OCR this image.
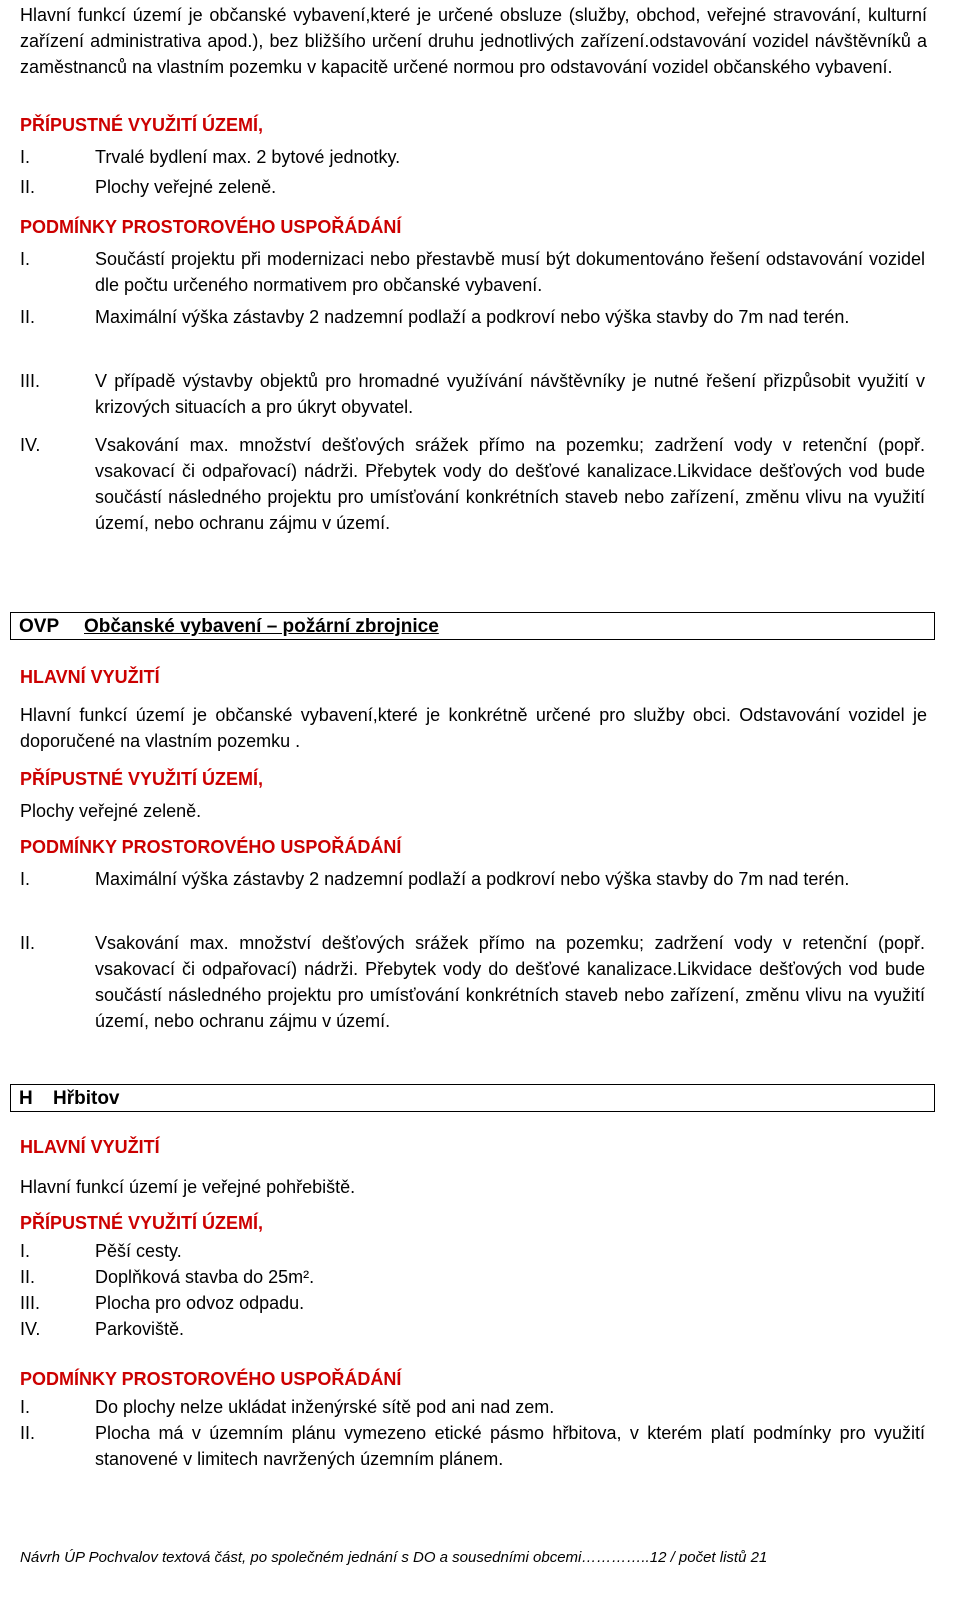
Hlavní funkcí území je občanské vybavení,které je určené obsluze (služby, obchod, veřejné stravování, kulturní zařízení administrativa apod.), bez bližšího určení druhu jednotlivých zařízení.odstavování vozidel návštěvníků a zaměstnanců na vlastním pozemku v kapacitě určené normou pro odstavování vozidel občanského vybavení.
PŘÍPUSTNÉ VYUŽITÍ ÚZEMÍ,
I.	Trvalé bydlení max. 2 bytové jednotky.
II.	Plochy veřejné zeleně.
PODMÍNKY PROSTOROVÉHO USPOŘÁDÁNÍ
I.	Součástí projektu při modernizaci nebo přestavbě musí být dokumentováno řešení odstavování vozidel dle počtu určeného normativem pro občanské vybavení.
II.	Maximální výška zástavby 2 nadzemní podlaží a podkroví nebo výška stavby do 7m nad terén.
III.	V případě výstavby objektů pro hromadné využívání návštěvníky je nutné řešení přizpůsobit využití v krizových situacích a pro úkryt obyvatel.
IV.	Vsakování max. množství dešťových srážek přímo na pozemku; zadržení vody v retenční (popř. vsakovací či odpařovací) nádrži. Přebytek vody do dešťové kanalizace.Likvidace dešťových vod bude součástí následného projektu pro umísťování konkrétních staveb nebo zařízení, změnu vlivu na využití území, nebo ochranu zájmu v území.
OVP Občanské vybavení – požární zbrojnice
HLAVNÍ VYUŽITÍ
Hlavní funkcí území je občanské vybavení,které je konkrétně určené pro služby obci. Odstavování vozidel je doporučené na vlastním pozemku .
PŘÍPUSTNÉ VYUŽITÍ ÚZEMÍ,
Plochy veřejné zeleně.
PODMÍNKY PROSTOROVÉHO USPOŘÁDÁNÍ
I.	Maximální výška zástavby 2 nadzemní podlaží a podkroví nebo výška stavby do 7m nad terén.
II.	Vsakování max. množství dešťových srážek přímo na pozemku; zadržení vody v retenční (popř. vsakovací či odpařovací) nádrži. Přebytek vody do dešťové kanalizace.Likvidace dešťových vod bude součástí následného projektu pro umísťování konkrétních staveb nebo zařízení, změnu vlivu na využití území, nebo ochranu zájmu v území.
H Hřbitov
HLAVNÍ VYUŽITÍ
Hlavní funkcí území je veřejné pohřebiště.
PŘÍPUSTNÉ VYUŽITÍ ÚZEMÍ,
I.	Pěší cesty.
II.	Doplňková stavba do 25m².
III.	Plocha pro odvoz odpadu.
IV.	Parkoviště.
PODMÍNKY PROSTOROVÉHO USPOŘÁDÁNÍ
I.	Do plochy nelze ukládat inženýrské sítě pod ani nad zem.
II.	Plocha má v územním plánu vymezeno etické pásmo hřbitova, v kterém platí podmínky pro využití stanovené v limitech navržených územním plánem.
Návrh ÚP Pochvalov textová část, po společném jednání s DO a sousedními obcemi…………..12 / počet listů 21
